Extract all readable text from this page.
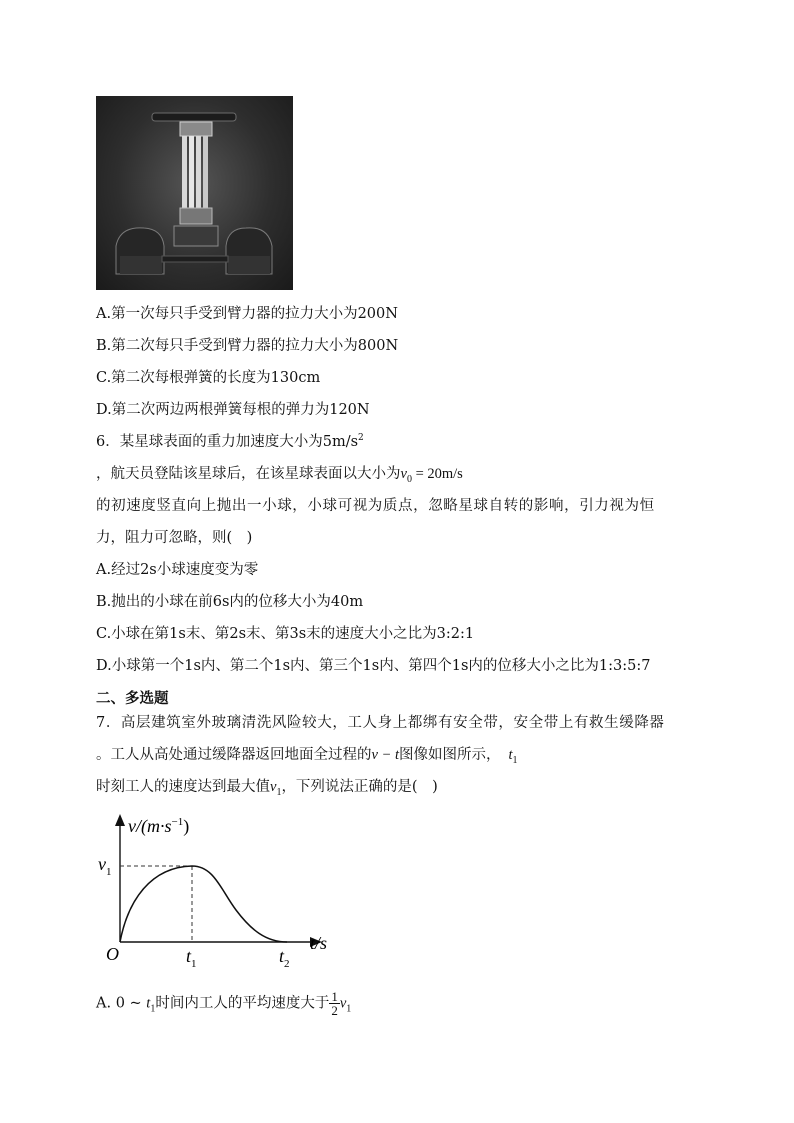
A.第一次每只手受到臂力器的拉力大小为200N
B.第二次每只手受到臂力器的拉力大小为800N
C.第二次每根弹簧的长度为130cm
D.第二次两边两根弹簧每根的弹力为120N
6．某星球表面的重力加速度大小为$5m/s^2$
，航天员登陆该星球后，在该星球表面以大小为$v_0 = 20m/s$
的初速度竖直向上抛出一小球，小球可视为质点，忽略星球自转的影响，引力视为恒
力，阻力可忽略，则(　)
A.经过2s小球速度变为零
B.抛出的小球在前6s内的位移大小为40m
C.小球在第1s末、第2s末、第3s末的速度大小之比为3:2:1
D.小球第一个1s内、第二个1s内、第三个1s内、第四个1s内的位移大小之比为1:3:5:7
二、多选题
7．高层建筑室外玻璃清洗风险较大，工人身上都绑有安全带，安全带上有救生缓降器
。工人从高处通过缓降器返回地面全过程的v − t图像如图所示， $t_1$
时刻工人的速度达到最大值$v_1$，下列说法正确的是(　)
$v/(m\cdot s^{-1})$
$v_1$
O	$t_1$	$t_2$
t/s
A. 0 ~ $t_1$时间内工人的平均速度大于 $\frac{1}{2} v_1$
